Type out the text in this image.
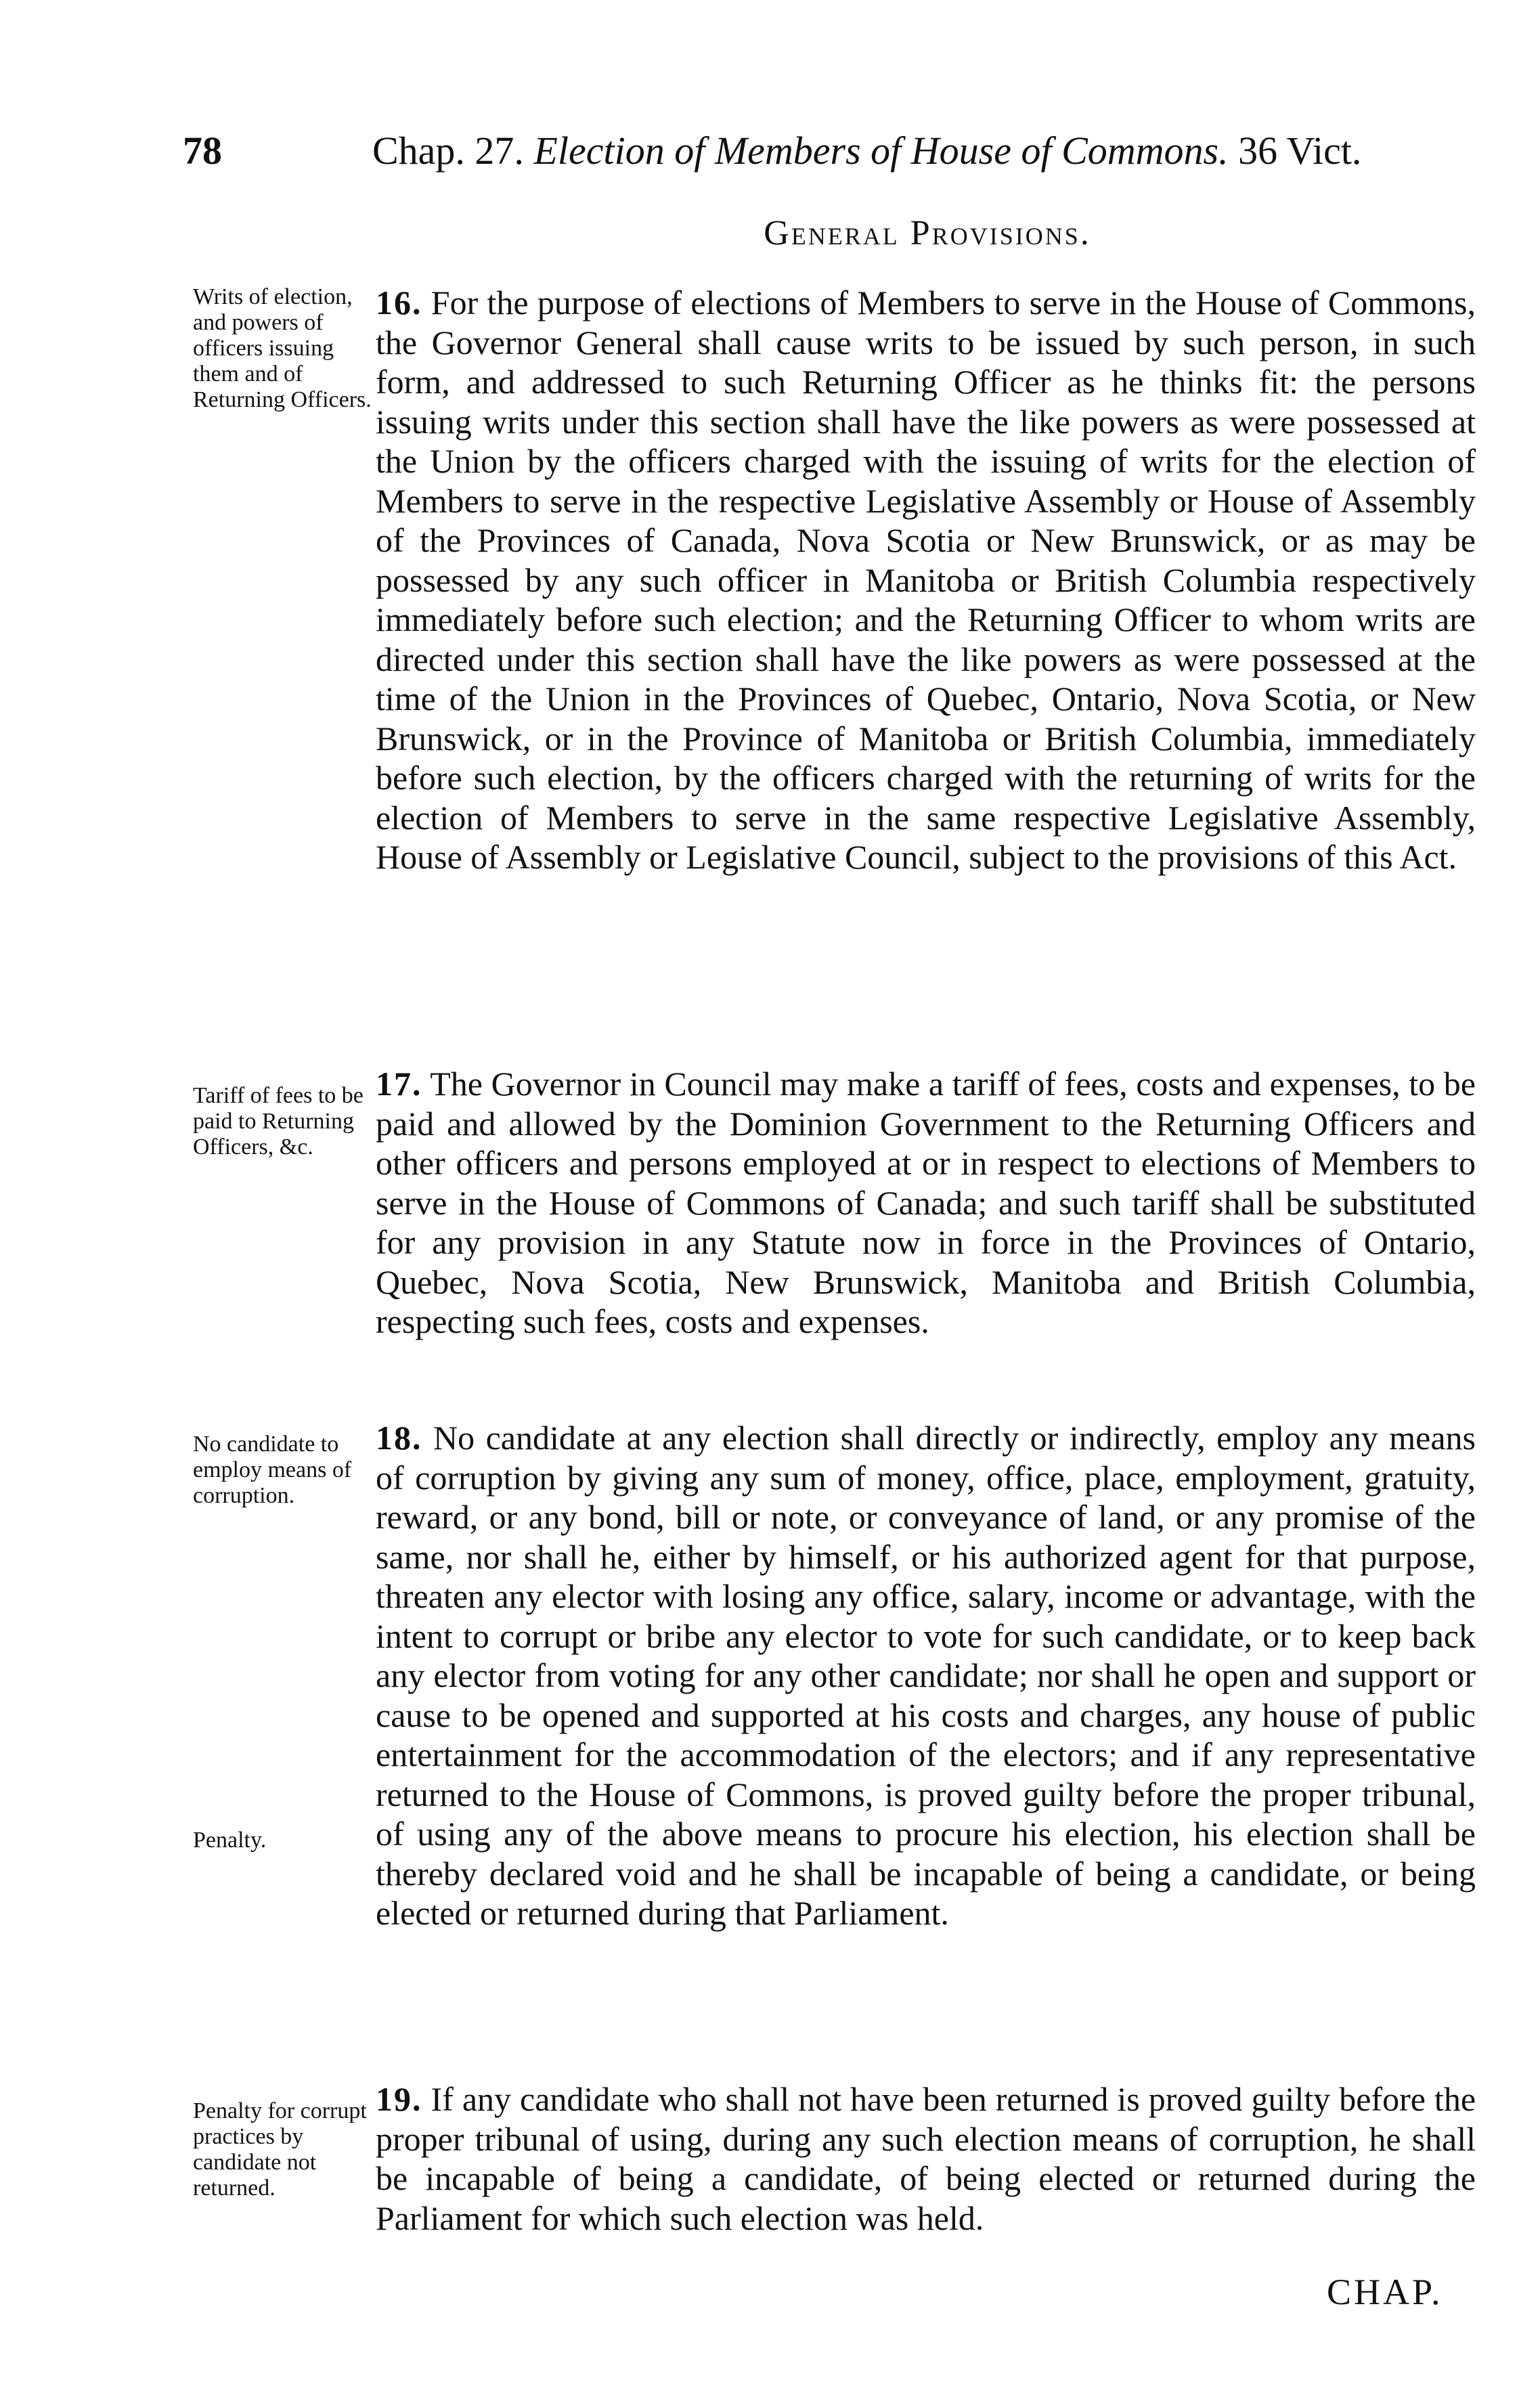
78	Chap. 27. Election of Members of House of Commons. 36 Vict.
General Provisions.
Writs of election, and powers of officers issuing them and of Returning Officers.
16. For the purpose of elections of Members to serve in the House of Commons, the Governor General shall cause writs to be issued by such person, in such form, and addressed to such Returning Officer as he thinks fit: the persons issuing writs under this section shall have the like powers as were possessed at the Union by the officers charged with the issuing of writs for the election of Members to serve in the respective Legislative Assembly or House of Assembly of the Provinces of Canada, Nova Scotia or New Brunswick, or as may be possessed by any such officer in Manitoba or British Columbia respectively immediately before such election; and the Returning Officer to whom writs are directed under this section shall have the like powers as were possessed at the time of the Union in the Provinces of Quebec, Ontario, Nova Scotia, or New Brunswick, or in the Province of Manitoba or British Columbia, immediately before such election, by the officers charged with the returning of writs for the election of Members to serve in the same respective Legislative Assembly, House of Assembly or Legislative Council, subject to the provisions of this Act.
Tariff of fees to be paid to Returning Officers, &c.
17. The Governor in Council may make a tariff of fees, costs and expenses, to be paid and allowed by the Dominion Government to the Returning Officers and other officers and persons employed at or in respect to elections of Members to serve in the House of Commons of Canada; and such tariff shall be substituted for any provision in any Statute now in force in the Provinces of Ontario, Quebec, Nova Scotia, New Brunswick, Manitoba and British Columbia, respecting such fees, costs and expenses.
No candidate to employ means of corruption.
Penalty.
18. No candidate at any election shall directly or indirectly, employ any means of corruption by giving any sum of money, office, place, employment, gratuity, reward, or any bond, bill or note, or conveyance of land, or any promise of the same, nor shall he, either by himself, or his authorized agent for that purpose, threaten any elector with losing any office, salary, income or advantage, with the intent to corrupt or bribe any elector to vote for such candidate, or to keep back any elector from voting for any other candidate; nor shall he open and support or cause to be opened and supported at his costs and charges, any house of public entertainment for the accommodation of the electors; and if any representative returned to the House of Commons, is proved guilty before the proper tribunal, of using any of the above means to procure his election, his election shall be thereby declared void and he shall be incapable of being a candidate, or being elected or returned during that Parliament.
Penalty for corrupt practices by candidate not returned.
19. If any candidate who shall not have been returned is proved guilty before the proper tribunal of using, during any such election means of corruption, he shall be incapable of being a candidate, of being elected or returned during the Parliament for which such election was held.
CHAP.
